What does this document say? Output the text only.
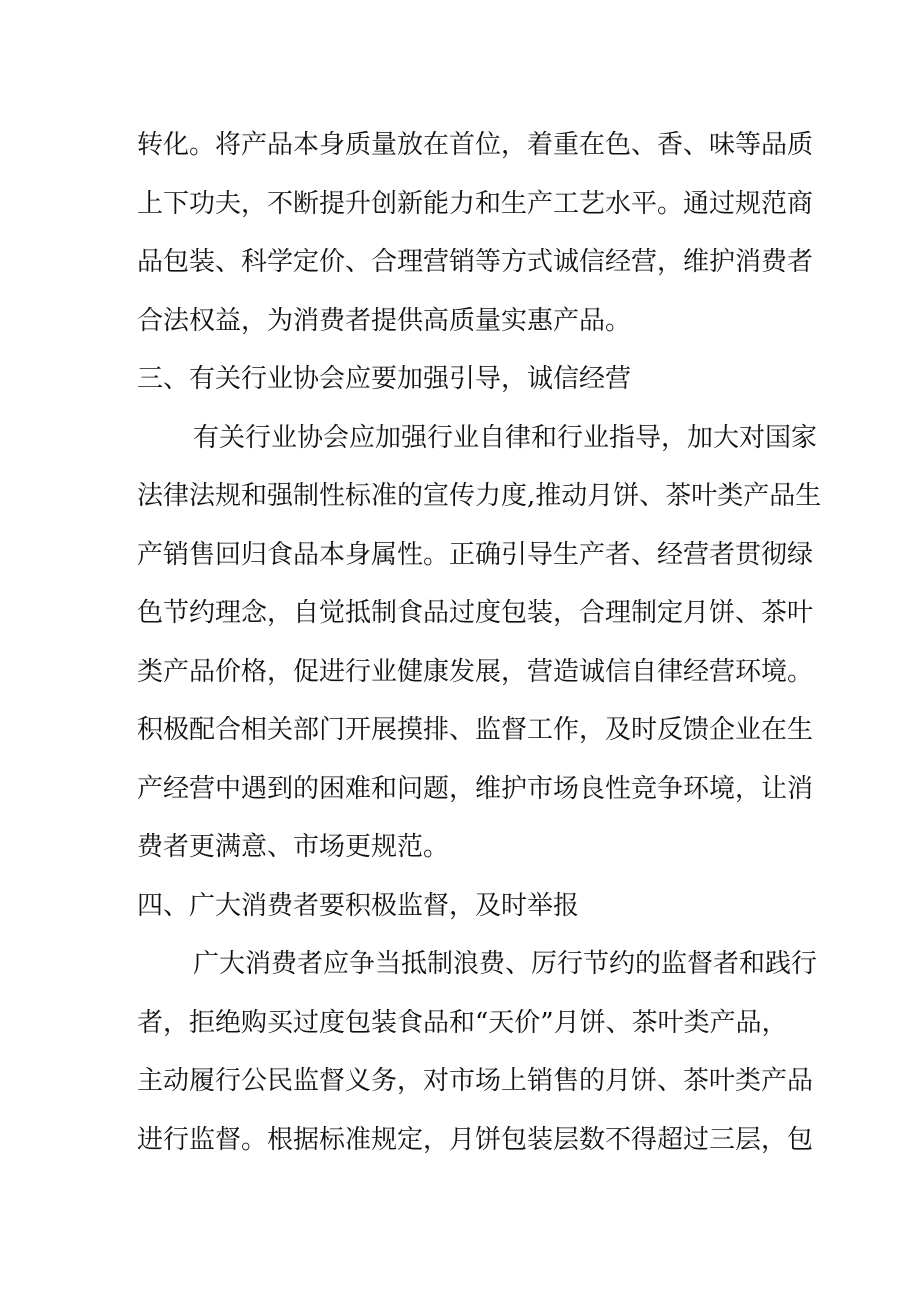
转化。将产品本身质量放在首位，着重在色、香、味等品质
上下功夫，不断提升创新能力和生产工艺水平。通过规范商
品包装、科学定价、合理营销等方式诚信经营，维护消费者
合法权益，为消费者提供高质量实惠产品。
三、有关行业协会应要加强引导，诚信经营
有关行业协会应加强行业自律和行业指导，加大对国家
法律法规和强制性标准的宣传力度,推动月饼、茶叶类产品生
产销售回归食品本身属性。正确引导生产者、经营者贯彻绿
色节约理念，自觉抵制食品过度包装，合理制定月饼、茶叶
类产品价格，促进行业健康发展，营造诚信自律经营环境。
积极配合相关部门开展摸排、监督工作，及时反馈企业在生
产经营中遇到的困难和问题，维护市场良性竞争环境，让消
费者更满意、市场更规范。
四、广大消费者要积极监督，及时举报
广大消费者应争当抵制浪费、厉行节约的监督者和践行
者，拒绝购买过度包装食品和“天价”月饼、茶叶类产品，
主动履行公民监督义务，对市场上销售的月饼、茶叶类产品
进行监督。根据标准规定，月饼包装层数不得超过三层，包
